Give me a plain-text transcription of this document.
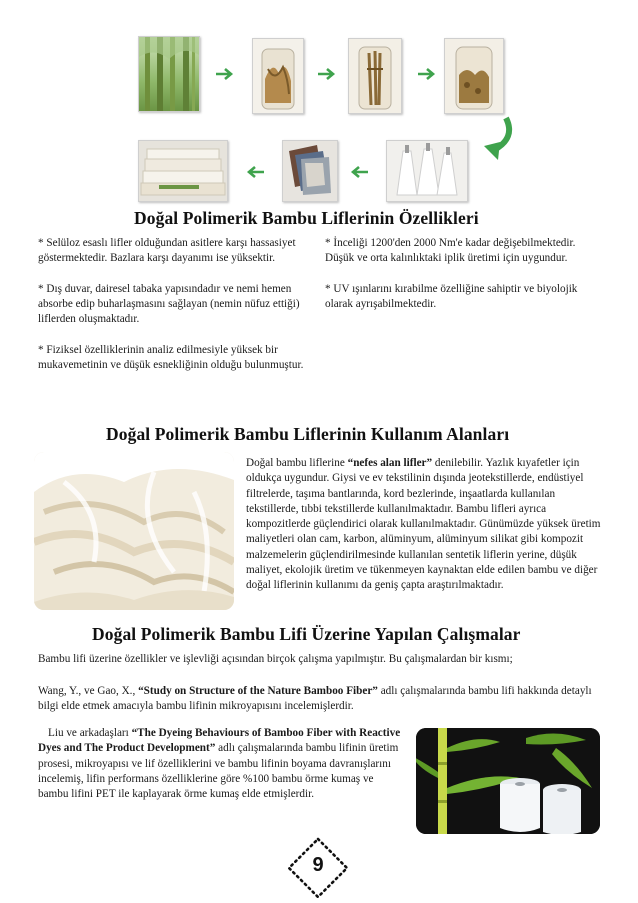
Doğal Polimerik Bambu Liflerinin Özellikleri

* Selüloz esaslı lifler olduğundan asitlere karşı hassasiyet göstermektedir. Bazlara karşı dayanımı ise yüksektir.

* Dış duvar, dairesel tabaka yapısındadır ve nemi hemen absorbe edip buharlaşmasını sağlayan (nemin nüfuz ettiği) liflerden oluşmaktadır.

* Fiziksel özelliklerinin analiz edilmesiyle yüksek bir mukavemetinin ve düşük esnekliğinin olduğu bulunmuştur.

* İnceliği 1200'den 2000 Nm'e kadar değişebilmektedir. Düşük ve orta kalınlıktaki iplik üretimi için uygundur.

* UV ışınlarını kırabilme özelliğine sahiptir ve biyolojik olarak ayrışabilmektedir.

Doğal Polimerik Bambu Liflerinin Kullanım Alanları
Doğal bambu liflerine “nefes alan lifler” denilebilir. Yazlık kıyafetler için oldukça uygundur. Giysi ve ev tekstilinin dışında jeotekstillerde, endüstiyel filtrelerde, taşıma bantlarında, kord bezlerinde, inşaatlarda kullanılan tekstillerde, tıbbi tekstillerde kullanılmaktadır. Bambu lifleri ayrıca kompozitlerde güçlendirici olarak kullanılmaktadır. Günümüzde yüksek üretim maliyetleri olan cam, karbon, alüminyum, alüminyum silikat gibi kompozit malzemelerin güçlendirilmesinde kullanılan sentetik liflerin yerine, düşük maliyet, ekolojik üretim ve tükenmeyen kaynaktan elde edilen bambu ve diğer doğal liflerinin kullanımı da geniş çapta araştırılmaktadır.
Doğal Polimerik Bambu Lifi Üzerine Yapılan Çalışmalar
Bambu lifi üzerine özellikler ve işlevliği açısından birçok çalışma yapılmıştır. Bu çalışmalardan bir kısmı;
Wang, Y., ve Gao, X., “Study on Structure of the Nature Bamboo Fiber” adlı çalışmalarında bambu lifi hakkında detaylı bilgi elde etmek amacıyla bambu lifinin mikroyapısını incelemişlerdir.
Liu ve arkadaşları “The Dyeing Behaviours of Bamboo Fiber with Reactive Dyes and The Product Development” adlı çalışmalarında bambu lifinin üretim prosesi, mikroyapısı ve lif özelliklerini ve bambu lifinin boyama davranışlarını incelemiş, lifin performans özelliklerine göre %100 bambu örme kumaş ve bambu lifini PET ile kaplayarak örme kumaş elde etmişlerdir.
9
